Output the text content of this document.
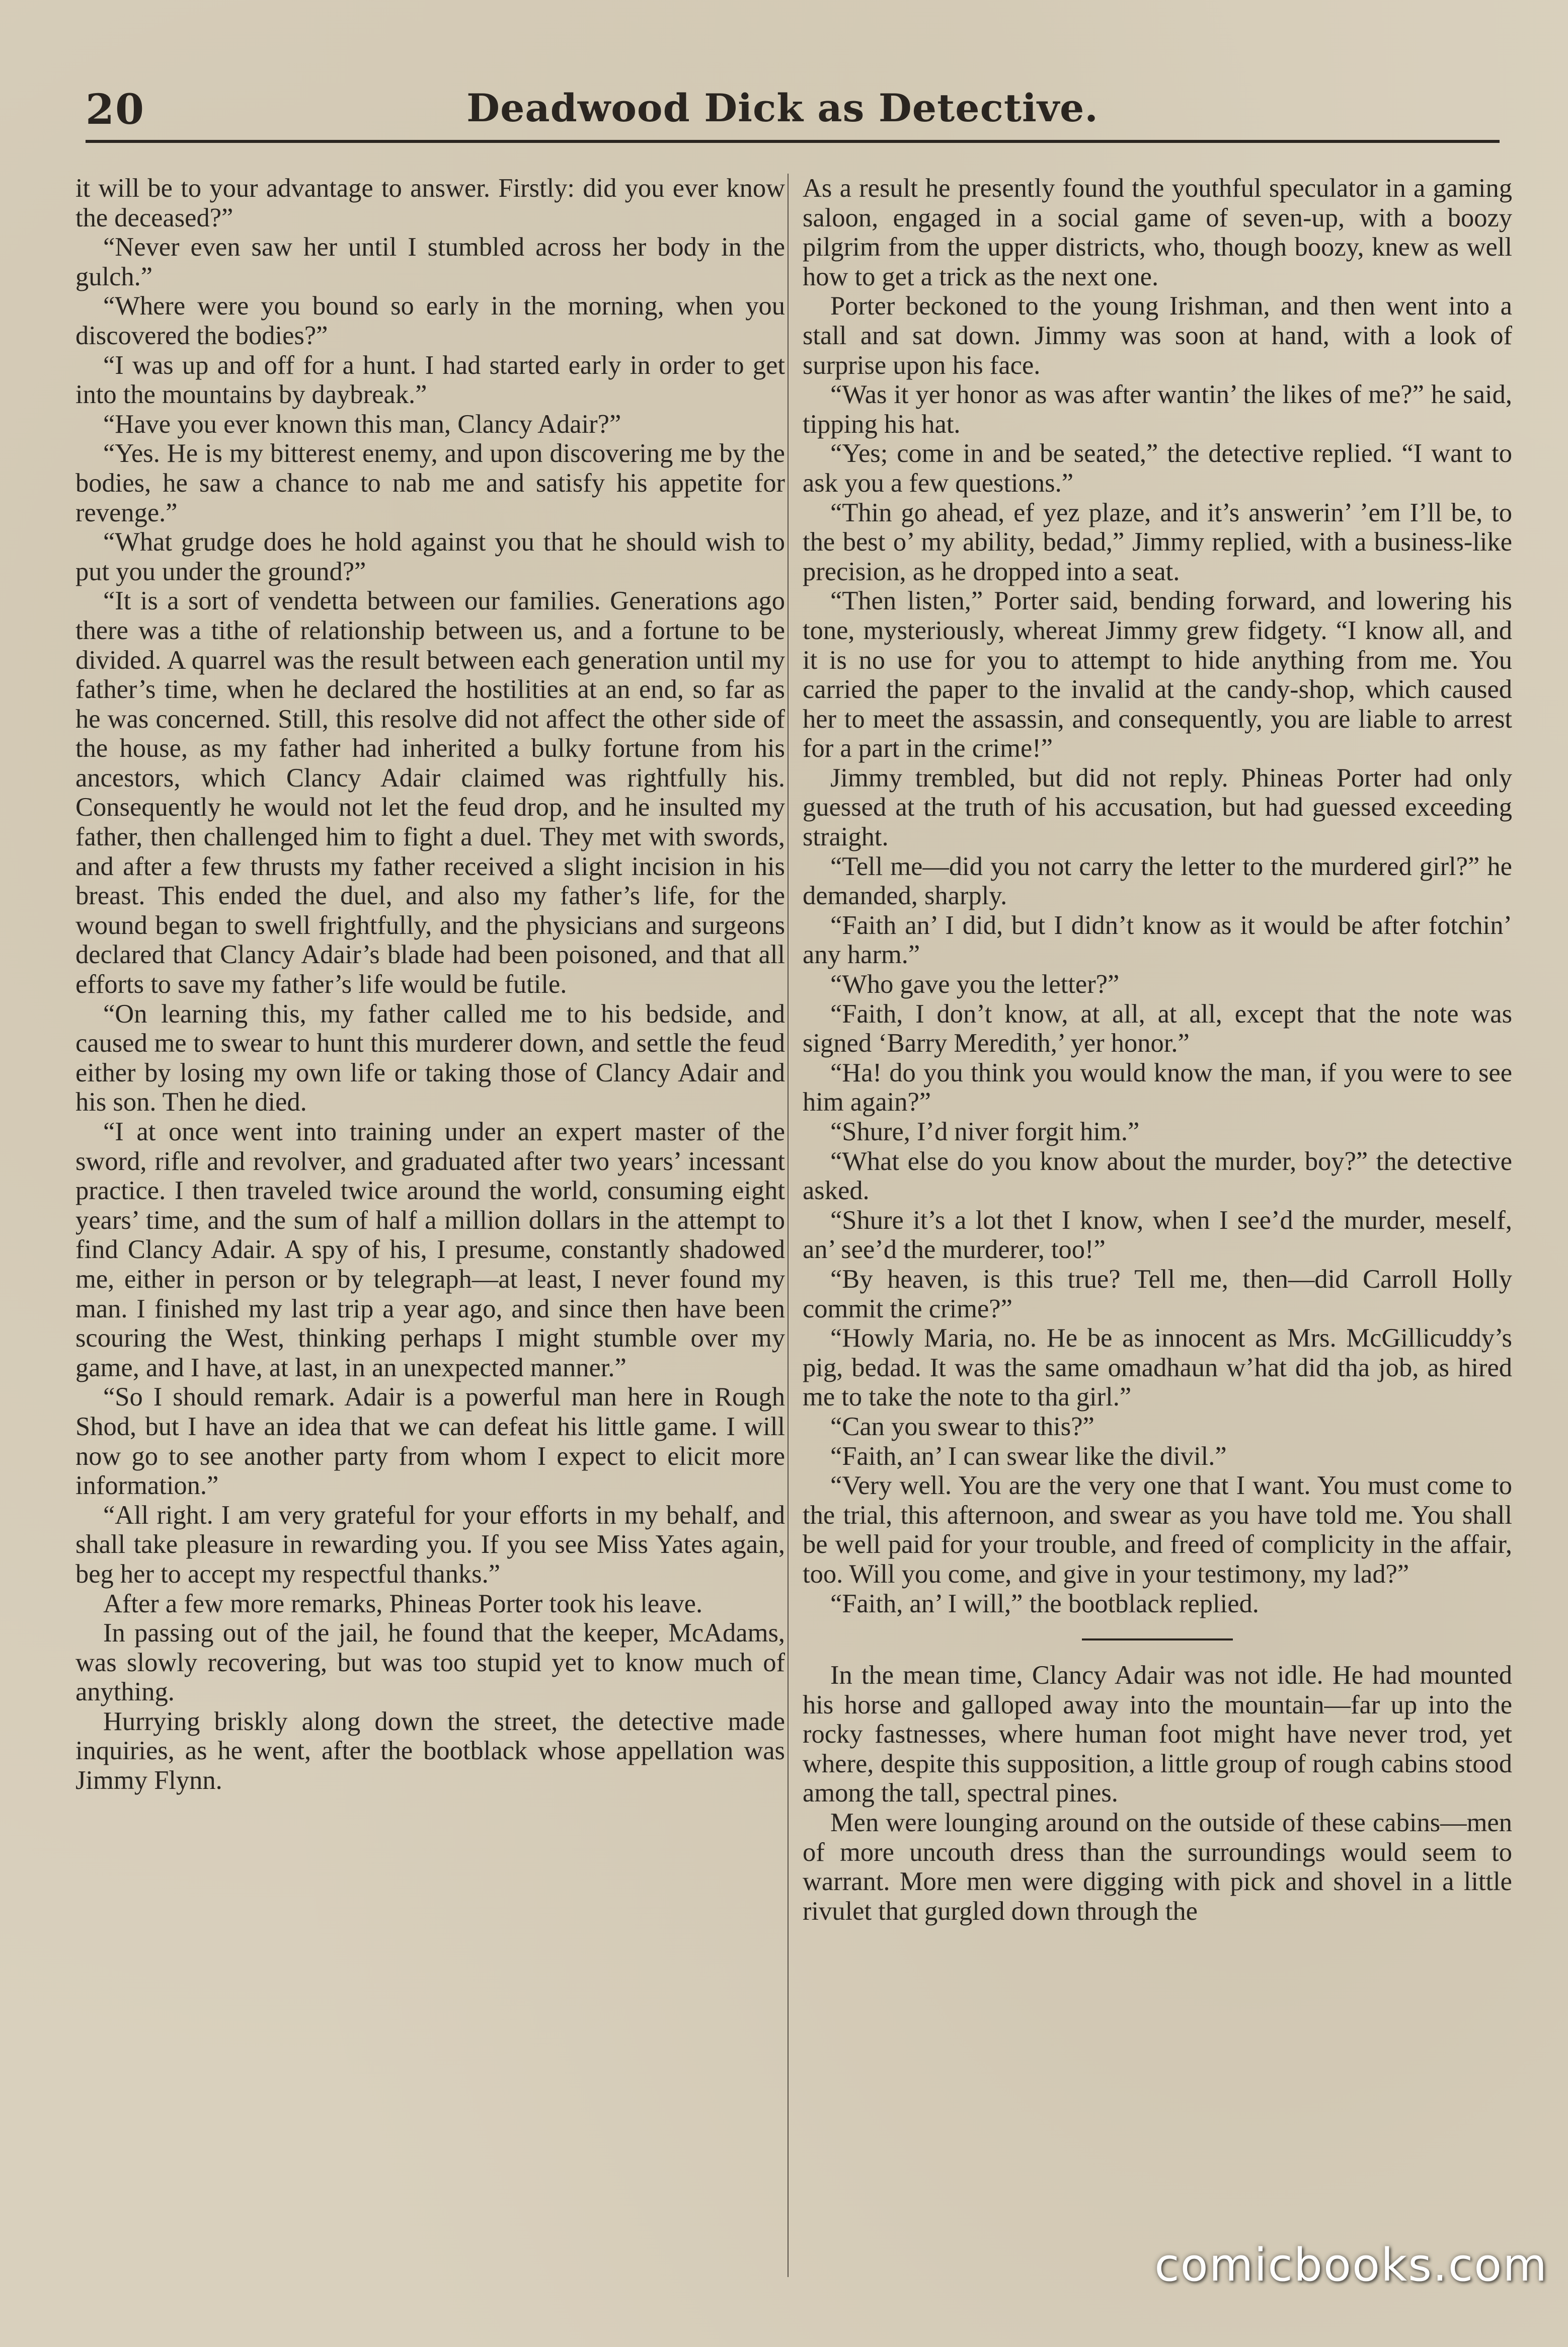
20	Deadwood Dick as Detective.

it will be to your advantage to answer. Firstly: did you ever know the deceased?”

“Never even saw her until I stumbled across her body in the gulch.”

“Where were you bound so early in the morning, when you discovered the bodies?”

“I was up and off for a hunt. I had started early in order to get into the mountains by daybreak.”

“Have you ever known this man, Clancy Adair?”

“Yes. He is my bitterest enemy, and upon discovering me by the bodies, he saw a chance to nab me and satisfy his appetite for revenge.”

“What grudge does he hold against you that he should wish to put you under the ground?”

“It is a sort of vendetta between our families. Generations ago there was a tithe of relationship between us, and a fortune to be divided. A quarrel was the result between each generation until my father’s time, when he declared the hostilities at an end, so far as he was concerned. Still, this resolve did not affect the other side of the house, as my father had inherited a bulky fortune from his ancestors, which Clancy Adair claimed was rightfully his. Consequently he would not let the feud drop, and he insulted my father, then challenged him to fight a duel. They met with swords, and after a few thrusts my father received a slight incision in his breast. This ended the duel, and also my father’s life, for the wound began to swell frightfully, and the physicians and surgeons declared that Clancy Adair’s blade had been poisoned, and that all efforts to save my father’s life would be futile.

“On learning this, my father called me to his bedside, and caused me to swear to hunt this murderer down, and settle the feud either by losing my own life or taking those of Clancy Adair and his son. Then he died.

“I at once went into training under an expert master of the sword, rifle and revolver, and graduated after two years’ incessant practice. I then traveled twice around the world, consuming eight years’ time, and the sum of half a million dollars in the attempt to find Clancy Adair. A spy of his, I presume, constantly shadowed me, either in person or by telegraph—at least, I never found my man. I finished my last trip a year ago, and since then have been scouring the West, thinking perhaps I might stumble over my game, and I have, at last, in an unexpected manner.”

“So I should remark. Adair is a powerful man here in Rough Shod, but I have an idea that we can defeat his little game. I will now go to see another party from whom I expect to elicit more information.”

“All right. I am very grateful for your efforts in my behalf, and shall take pleasure in rewarding you. If you see Miss Yates again, beg her to accept my respectful thanks.”

After a few more remarks, Phineas Porter took his leave.

In passing out of the jail, he found that the keeper, McAdams, was slowly recovering, but was too stupid yet to know much of anything.

Hurrying briskly along down the street, the detective made inquiries, as he went, after the bootblack whose appellation was Jimmy Flynn.

As a result he presently found the youthful speculator in a gaming saloon, engaged in a social game of seven-up, with a boozy pilgrim from the upper districts, who, though boozy, knew as well how to get a trick as the next one.

Porter beckoned to the young Irishman, and then went into a stall and sat down. Jimmy was soon at hand, with a look of surprise upon his face.

“Was it yer honor as was after wantin’ the likes of me?” he said, tipping his hat.

“Yes; come in and be seated,” the detective replied. “I want to ask you a few questions.”

“Thin go ahead, ef yez plaze, and it’s answerin’ ’em I’ll be, to the best o’ my ability, bedad,” Jimmy replied, with a business-like precision, as he dropped into a seat.

“Then listen,” Porter said, bending forward, and lowering his tone, mysteriously, whereat Jimmy grew fidgety. “I know all, and it is no use for you to attempt to hide anything from me. You carried the paper to the invalid at the candy-shop, which caused her to meet the assassin, and consequently, you are liable to arrest for a part in the crime!”

Jimmy trembled, but did not reply. Phineas Porter had only guessed at the truth of his accusation, but had guessed exceeding straight.

“Tell me—did you not carry the letter to the murdered girl?” he demanded, sharply.

“Faith an’ I did, but I didn’t know as it would be after fotchin’ any harm.”

“Who gave you the letter?”

“Faith, I don’t know, at all, at all, except that the note was signed ‘Barry Meredith,’ yer honor.”

“Ha! do you think you would know the man, if you were to see him again?”

“Shure, I’d niver forgit him.”

“What else do you know about the murder, boy?” the detective asked.

“Shure it’s a lot thet I know, when I see’d the murder, meself, an’ see’d the murderer, too!”

“By heaven, is this true? Tell me, then—did Carroll Holly commit the crime?”

“Howly Maria, no. He be as innocent as Mrs. McGillicuddy’s pig, bedad. It was the same omadhaun w’hat did tha job, as hired me to take the note to tha girl.”

“Can you swear to this?”

“Faith, an’ I can swear like the divil.”

“Very well. You are the very one that I want. You must come to the trial, this afternoon, and swear as you have told me. You shall be well paid for your trouble, and freed of complicity in the affair, too. Will you come, and give in your testimony, my lad?”

“Faith, an’ I will,” the bootblack replied.

In the mean time, Clancy Adair was not idle. He had mounted his horse and galloped away into the mountain—far up into the rocky fastnesses, where human foot might have never trod, yet where, despite this supposition, a little group of rough cabins stood among the tall, spectral pines.

Men were lounging around on the outside of these cabins—men of more uncouth dress than the surroundings would seem to warrant. More men were digging with pick and shovel in a little rivulet that gurgled down through the

comicbooks.com
